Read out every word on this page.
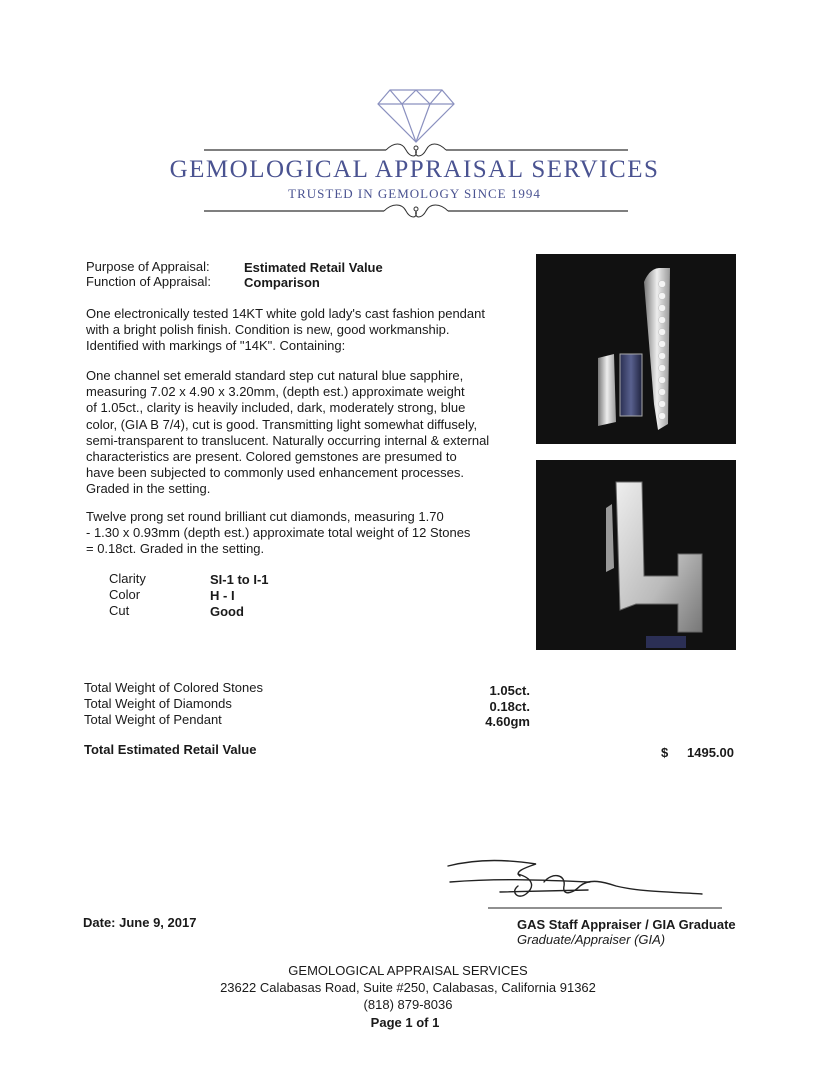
GEMOLOGICAL APPRAISAL SERVICES
TRUSTED IN GEMOLOGY SINCE 1994
Purpose of Appraisal:	Estimated Retail Value
Function of Appraisal:	Comparison
One electronically tested 14KT white gold lady's cast fashion pendant
with a bright polish finish. Condition is new, good workmanship.
Identified with markings of "14K". Containing:
One channel set emerald standard step cut natural blue sapphire,
measuring 7.02 x 4.90 x 3.20mm, (depth est.) approximate weight
of 1.05ct., clarity is heavily included, dark, moderately strong, blue
color, (GIA B 7/4), cut is good. Transmitting light somewhat diffusely,
semi-transparent to translucent. Naturally occurring internal & external
characteristics are present. Colored gemstones are presumed to
have been subjected to commonly used enhancement processes.
Graded in the setting.
Twelve prong set round brilliant cut diamonds, measuring 1.70
- 1.30 x 0.93mm (depth est.) approximate total weight of 12 Stones
= 0.18ct. Graded in the setting.
Clarity	SI-1 to I-1
Color	H - I
Cut	Good
Total Weight of Colored Stones	1.05ct.
Total Weight of Diamonds	0.18ct.
Total Weight of Pendant	4.60gm
Total Estimated Retail Value	$	1495.00
Date: June 9, 2017	GAS Staff Appraiser / GIA Graduate
Graduate/Appraiser (GIA)
GEMOLOGICAL APPRAISAL SERVICES
23622 Calabasas Road, Suite #250, Calabasas, California 91362
(818) 879-8036
Page 1 of 1
